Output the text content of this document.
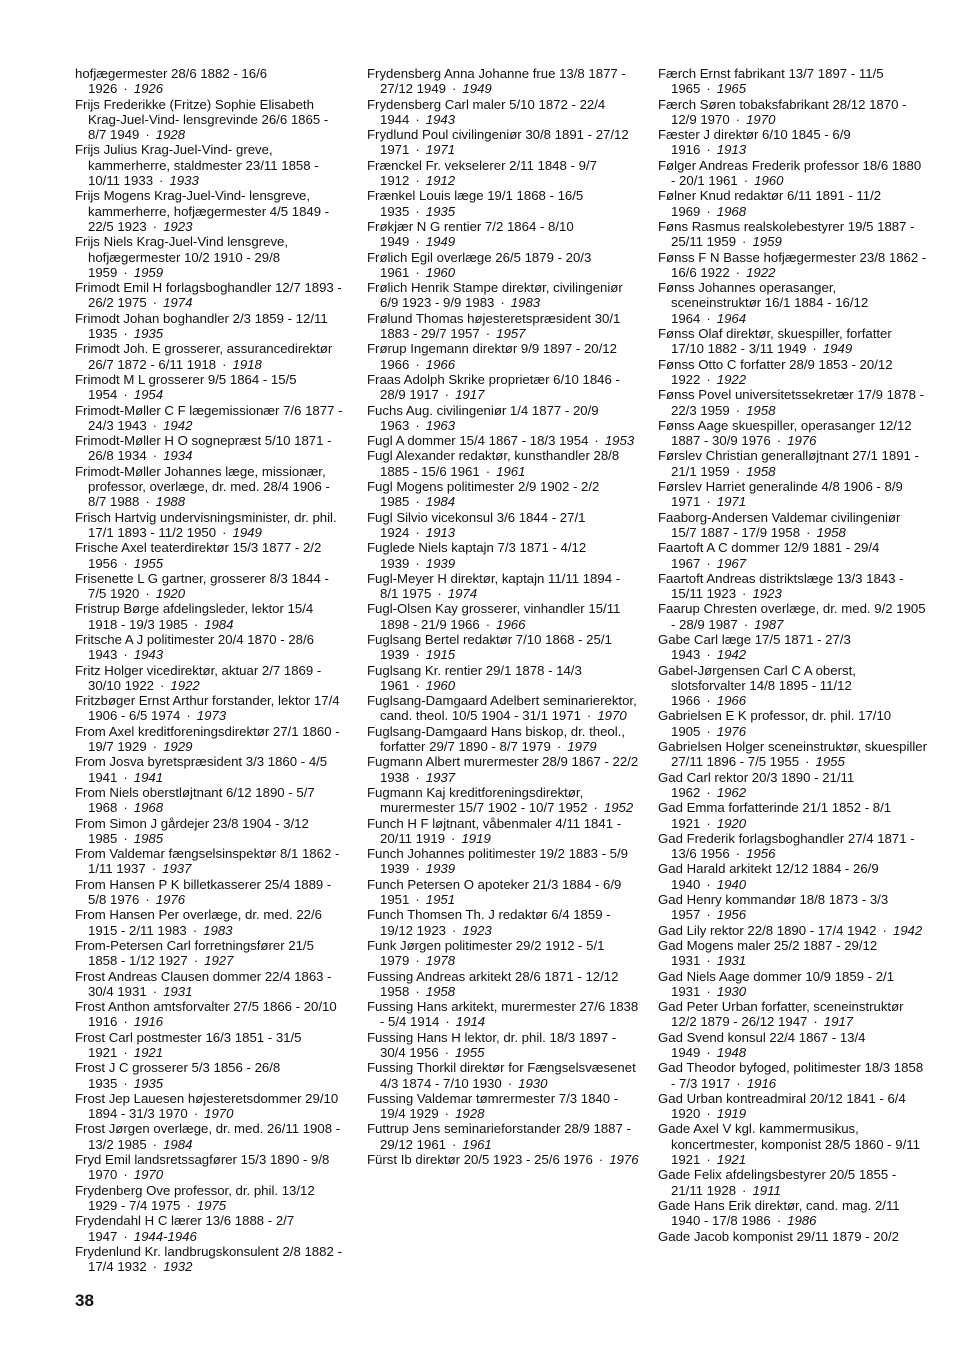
hofjægermester 28/6 1882 - 16/6 1926 · 1926
Frijs Frederikke (Fritze) Sophie Elisabeth Krag-Juel-Vind- lensgrevinde 26/6 1865 - 8/7 1949 · 1928
Frijs Julius Krag-Juel-Vind- greve, kammerherre, staldmester 23/11 1858 - 10/11 1933 · 1933
Frijs Mogens Krag-Juel-Vind- lensgreve, kammerherre, hofjægermester 4/5 1849 - 22/5 1923 · 1923
Frijs Niels Krag-Juel-Vind lensgreve, hofjægermester 10/2 1910 - 29/8 1959 · 1959
Frimodt Emil H forlagsboghandler 12/7 1893 - 26/2 1975 · 1974
Frimodt Johan boghandler 2/3 1859 - 12/11 1935 · 1935
Frimodt Joh. E grosserer, assurancedirektør 26/7 1872 - 6/11 1918 · 1918
Frimodt M L grosserer 9/5 1864 - 15/5 1954 · 1954
Frimodt-Møller C F lægemissionær 7/6 1877 - 24/3 1943 · 1942
Frimodt-Møller H O sognepræst 5/10 1871 - 26/8 1934 · 1934
Frimodt-Møller Johannes læge, missionær, professor, overlæge, dr. med. 28/4 1906 - 8/7 1988 · 1988
Frisch Hartvig undervisningsminister, dr. phil. 17/1 1893 - 11/2 1950 · 1949
Frische Axel teaterdirektør 15/3 1877 - 2/2 1956 · 1955
Frisenette L G gartner, grosserer 8/3 1844 - 7/5 1920 · 1920
Fristrup Børge afdelingsleder, lektor 15/4 1918 - 19/3 1985 · 1984
Fritsche A J politimester 20/4 1870 - 28/6 1943 · 1943
Fritz Holger vicedirektør, aktuar 2/7 1869 - 30/10 1922 · 1922
Fritzbøger Ernst Arthur forstander, lektor 17/4 1906 - 6/5 1974 · 1973
From Axel kreditforeningsdirektør 27/1 1860 - 19/7 1929 · 1929
From Josva byretspræsident 3/3 1860 - 4/5 1941 · 1941
From Niels oberstløjtnant 6/12 1890 - 5/7 1968 · 1968
From Simon J gårdejer 23/8 1904 - 3/12 1985 · 1985
From Valdemar fængselsinspektør 8/1 1862 - 1/11 1937 · 1937
From Hansen P K billetkasserer 25/4 1889 - 5/8 1976 · 1976
From Hansen Per overlæge, dr. med. 22/6 1915 - 2/11 1983 · 1983
From-Petersen Carl forretningsfører 21/5 1858 - 1/12 1927 · 1927
Frost Andreas Clausen dommer 22/4 1863 - 30/4 1931 · 1931
Frost Anthon amtsforvalter 27/5 1866 - 20/10 1916 · 1916
Frost Carl postmester 16/3 1851 - 31/5 1921 · 1921
Frost J C grosserer 5/3 1856 - 26/8 1935 · 1935
Frost Jep Lauesen højesteretsdommer 29/10 1894 - 31/3 1970 · 1970
Frost Jørgen overlæge, dr. med. 26/11 1908 - 13/2 1985 · 1984
Fryd Emil landsretssagfører 15/3 1890 - 9/8 1970 · 1970
Frydenberg Ove professor, dr. phil. 13/12 1929 - 7/4 1975 · 1975
Frydendahl H C lærer 13/6 1888 - 2/7 1947 · 1944-1946
Frydenlund Kr. landbrugskonsulent 2/8 1882 - 17/4 1932 · 1932
Frydensberg Anna Johanne frue 13/8 1877 - 27/12 1949 · 1949
Frydensberg Carl maler 5/10 1872 - 22/4 1944 · 1943
Frydlund Poul civilingeniør 30/8 1891 - 27/12 1971 · 1971
Frænckel Fr. vekselerer 2/11 1848 - 9/7 1912 · 1912
Frænkel Louis læge 19/1 1868 - 16/5 1935 · 1935
Frøkjær N G rentier 7/2 1864 - 8/10 1949 · 1949
Frølich Egil overlæge 26/5 1879 - 20/3 1961 · 1960
Frølich Henrik Stampe direktør, civilingeniør 6/9 1923 - 9/9 1983 · 1983
Frølund Thomas højesteretspræsident 30/1 1883 - 29/7 1957 · 1957
Frørup Ingemann direktør 9/9 1897 - 20/12 1966 · 1966
Fraas Adolph Skrike proprietær 6/10 1846 - 28/9 1917 · 1917
Fuchs Aug. civilingeniør 1/4 1877 - 20/9 1963 · 1963
Fugl A dommer 15/4 1867 - 18/3 1954 · 1953
Fugl Alexander redaktør, kunsthandler 28/8 1885 - 15/6 1961 · 1961
Fugl Mogens politimester 2/9 1902 - 2/2 1985 · 1984
Fugl Silvio vicekonsul 3/6 1844 - 27/1 1924 · 1913
Fuglede Niels kaptajn 7/3 1871 - 4/12 1939 · 1939
Fugl-Meyer H direktør, kaptajn 11/11 1894 - 8/1 1975 · 1974
Fugl-Olsen Kay grosserer, vinhandler 15/11 1898 - 21/9 1966 · 1966
Fuglsang Bertel redaktør 7/10 1868 - 25/1 1939 · 1915
Fuglsang Kr. rentier 29/1 1878 - 14/3 1961 · 1960
Fuglsang-Damgaard Adelbert seminarierektor, cand. theol. 10/5 1904 - 31/1 1971 · 1970
Fuglsang-Damgaard Hans biskop, dr. theol., forfatter 29/7 1890 - 8/7 1979 · 1979
Fugmann Albert murermester 28/9 1867 - 22/2 1938 · 1937
Fugmann Kaj kreditforeningsdirektør, murermester 15/7 1902 - 10/7 1952 · 1952
Funch H F løjtnant, våbenmaler 4/11 1841 - 20/11 1919 · 1919
Funch Johannes politimester 19/2 1883 - 5/9 1939 · 1939
Funch Petersen O apoteker 21/3 1884 - 6/9 1951 · 1951
Funch Thomsen Th. J redaktør 6/4 1859 - 19/12 1923 · 1923
Funk Jørgen politimester 29/2 1912 - 5/1 1979 · 1978
Fussing Andreas arkitekt 28/6 1871 - 12/12 1958 · 1958
Fussing Hans arkitekt, murermester 27/6 1838 - 5/4 1914 · 1914
Fussing Hans H lektor, dr. phil. 18/3 1897 - 30/4 1956 · 1955
Fussing Thorkil direktør for Fængselsvæsenet 4/3 1874 - 7/10 1930 · 1930
Fussing Valdemar tømrermester 7/3 1840 - 19/4 1929 · 1928
Futtrup Jens seminarieforstander 28/9 1887 - 29/12 1961 · 1961
Fürst Ib direktør 20/5 1923 - 25/6 1976 · 1976
Færch Ernst fabrikant 13/7 1897 - 11/5 1965 · 1965
Færch Søren tobaksfabrikant 28/12 1870 - 12/9 1970 · 1970
Fæster J direktør 6/10 1845 - 6/9 1916 · 1913
Følger Andreas Frederik professor 18/6 1880 - 20/1 1961 · 1960
Følner Knud redaktør 6/11 1891 - 11/2 1969 · 1968
Føns Rasmus realskolebestyrer 19/5 1887 - 25/11 1959 · 1959
Fønss F N Basse hofjægermester 23/8 1862 - 16/6 1922 · 1922
Fønss Johannes operasanger, sceneinstruktør 16/1 1884 - 16/12 1964 · 1964
Fønss Olaf direktør, skuespiller, forfatter 17/10 1882 - 3/11 1949 · 1949
Fønss Otto C forfatter 28/9 1853 - 20/12 1922 · 1922
Fønss Povel universitetssekretær 17/9 1878 - 22/3 1959 · 1958
Fønss Aage skuespiller, operasanger 12/12 1887 - 30/9 1976 · 1976
Førslev Christian generalløjtnant 27/1 1891 - 21/1 1959 · 1958
Førslev Harriet generalinde 4/8 1906 - 8/9 1971 · 1971
Faaborg-Andersen Valdemar civilingeniør 15/7 1887 - 17/9 1958 · 1958
Faartoft A C dommer 12/9 1881 - 29/4 1967 · 1967
Faartoft Andreas distriktslæge 13/3 1843 - 15/11 1923 · 1923
Faarup Chresten overlæge, dr. med. 9/2 1905 - 28/9 1987 · 1987
Gabe Carl læge 17/5 1871 - 27/3 1943 · 1942
Gabel-Jørgensen Carl C A oberst, slotsforvalter 14/8 1895 - 11/12 1966 · 1966
Gabrielsen E K professor, dr. phil. 17/10 1905 · 1976
Gabrielsen Holger sceneinstruktør, skuespiller 27/11 1896 - 7/5 1955 · 1955
Gad Carl rektor 20/3 1890 - 21/11 1962 · 1962
Gad Emma forfatterinde 21/1 1852 - 8/1 1921 · 1920
Gad Frederik forlagsboghandler 27/4 1871 - 13/6 1956 · 1956
Gad Harald arkitekt 12/12 1884 - 26/9 1940 · 1940
Gad Henry kommandør 18/8 1873 - 3/3 1957 · 1956
Gad Lily rektor 22/8 1890 - 17/4 1942 · 1942
Gad Mogens maler 25/2 1887 - 29/12 1931 · 1931
Gad Niels Aage dommer 10/9 1859 - 2/1 1931 · 1930
Gad Peter Urban forfatter, sceneinstruktør 12/2 1879 - 26/12 1947 · 1917
Gad Svend konsul 22/4 1867 - 13/4 1949 · 1948
Gad Theodor byfoged, politimester 18/3 1858 - 7/3 1917 · 1916
Gad Urban kontreadmiral 20/12 1841 - 6/4 1920 · 1919
Gade Axel V kgl. kammermusikus, koncertmester, komponist 28/5 1860 - 9/11 1921 · 1921
Gade Felix afdelingsbestyrer 20/5 1855 - 21/11 1928 · 1911
Gade Hans Erik direktør, cand. mag. 2/11 1940 - 17/8 1986 · 1986
Gade Jacob komponist 29/11 1879 - 20/2
38
